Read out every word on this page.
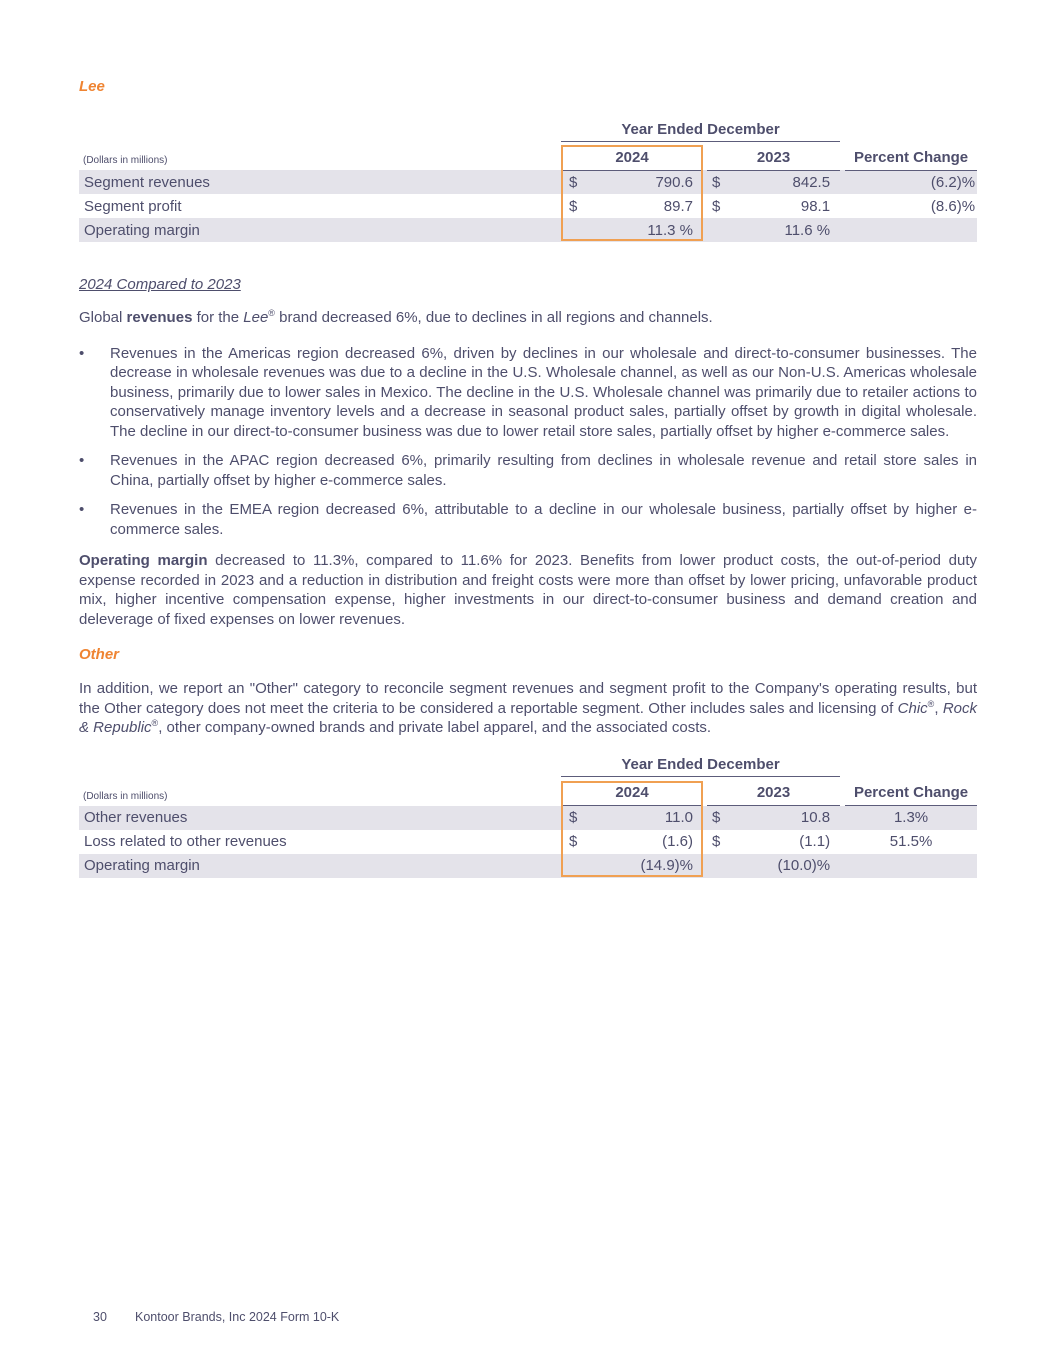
Lee
	Year Ended December						
(Dollars in millions)	2024			2023			Percent Change
Segment revenues	$	790.6		$	842.5		(6.2)%
Segment profit	$	89.7		$	98.1		(8.6)%
Operating margin		11.3 %			11.6 %		
2024 Compared to 2023

Global revenues for the Lee® brand decreased 6%, due to declines in all regions and channels.

•	Revenues in the Americas region decreased 6%, driven by declines in our wholesale and direct-to-consumer businesses. The decrease in wholesale revenues was due to a decline in the U.S. Wholesale channel, as well as our Non-U.S. Americas wholesale business, primarily due to lower sales in Mexico. The decline in the U.S. Wholesale channel was primarily due to retailer actions to conservatively manage inventory levels and a decrease in seasonal product sales, partially offset by growth in digital wholesale. The decline in our direct-to-consumer business was due to lower retail store sales, partially offset by higher e-commerce sales.
•	Revenues in the APAC region decreased 6%, primarily resulting from declines in wholesale revenue and retail store sales in China, partially offset by higher e-commerce sales.
•	Revenues in the EMEA region decreased 6%, attributable to a decline in our wholesale business, partially offset by higher e-commerce sales.

Operating margin decreased to 11.3%, compared to 11.6% for 2023. Benefits from lower product costs, the out-of-period duty expense recorded in 2023 and a reduction in distribution and freight costs were more than offset by lower pricing, unfavorable product mix, higher incentive compensation expense, higher investments in our direct-to-consumer business and demand creation and deleverage of fixed expenses on lower revenues.

Other

In addition, we report an "Other" category to reconcile segment revenues and segment profit to the Company's operating results, but the Other category does not meet the criteria to be considered a reportable segment. Other includes sales and licensing of Chic®, Rock & Republic®, other company-owned brands and private label apparel, and the associated costs.

	Year Ended December						
(Dollars in millions)	2024			2023			Percent Change
Other revenues	$	11.0		$	10.8		1.3%
Loss related to other revenues	$	(1.6)		$	(1.1)		51.5%
Operating margin		(14.9)%			(10.0)%		
30 Kontoor Brands, Inc 2024 Form 10-K
